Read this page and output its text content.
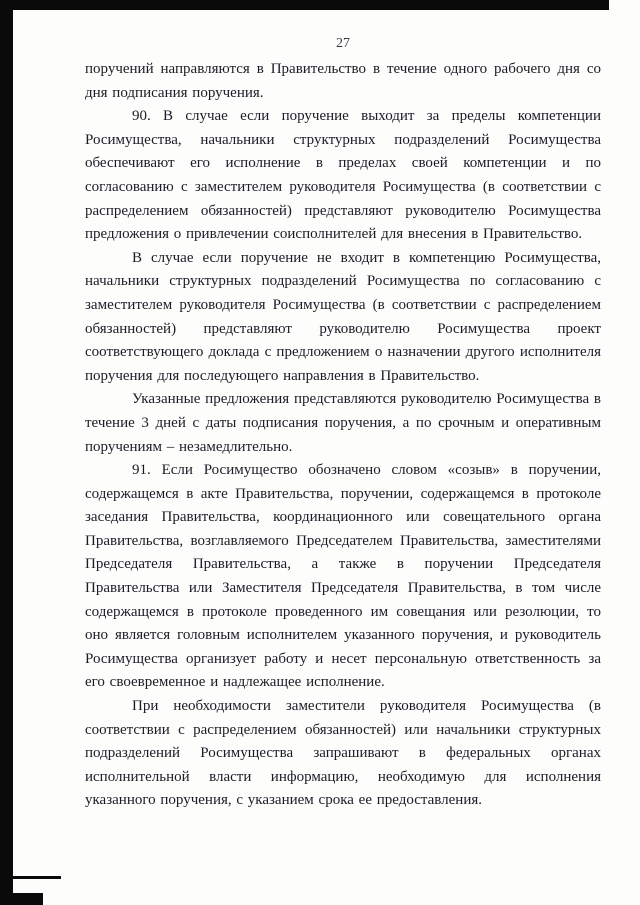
27

поручений направляются в Правительство в течение одного рабочего дня со дня подписания поручения.

90. В случае если поручение выходит за пределы компетенции Росимущества, начальники структурных подразделений Росимущества обеспечивают его исполнение в пределах своей компетенции и по согласованию с заместителем руководителя Росимущества (в соответствии с распределением обязанностей) представляют руководителю Росимущества предложения о привлечении соисполнителей для внесения в Правительство.

В случае если поручение не входит в компетенцию Росимущества, начальники структурных подразделений Росимущества по согласованию с заместителем руководителя Росимущества (в соответствии с распределением обязанностей) представляют руководителю Росимущества проект соответствующего доклада с предложением о назначении другого исполнителя поручения для последующего направления в Правительство.

Указанные предложения представляются руководителю Росимущества в течение 3 дней с даты подписания поручения, а по срочным и оперативным поручениям – незамедлительно.

91. Если Росимущество обозначено словом «созыв» в поручении, содержащемся в акте Правительства, поручении, содержащемся в протоколе заседания Правительства, координационного или совещательного органа Правительства, возглавляемого Председателем Правительства, заместителями Председателя Правительства, а также в поручении Председателя Правительства или Заместителя Председателя Правительства, в том числе содержащемся в протоколе проведенного им совещания или резолюции, то оно является головным исполнителем указанного поручения, и руководитель Росимущества организует работу и несет персональную ответственность за его своевременное и надлежащее исполнение.

При необходимости заместители руководителя Росимущества (в соответствии с распределением обязанностей) или начальники структурных подразделений Росимущества запрашивают в федеральных органах исполнительной власти информацию, необходимую для исполнения указанного поручения, с указанием срока ее предоставления.
